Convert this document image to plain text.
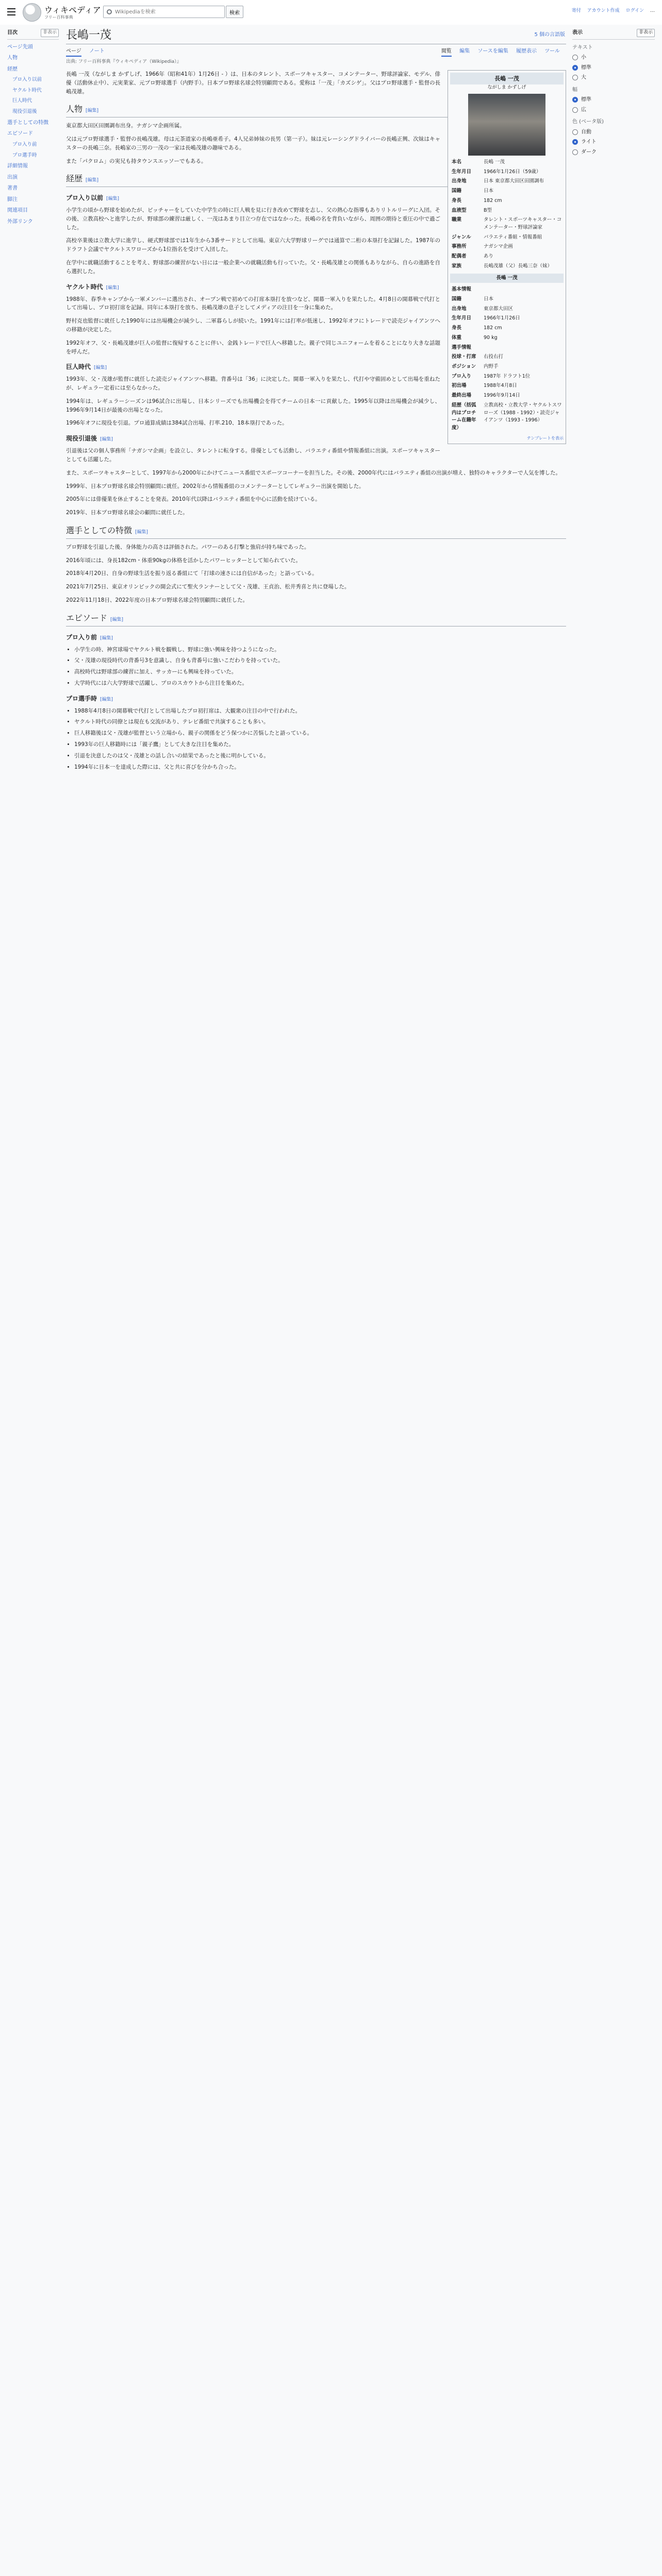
ウィキペディア
フリー百科事典
Wikipediaを検索
検索	寄付 アカウント作成 ログイン …
目次	非表示
ページ先頭
人物
経歴
プロ入り以前
ヤクルト時代
巨人時代
現役引退後
選手としての特徴
エピソード
プロ入り前
プロ選手時
詳細情報
出演
著書
脚注
関連項目
外部リンク
表示	非表示
テキスト
小
標準
大
幅
標準
広
色 (ベータ版)
自動
ライト
ダーク
長嶋一茂	5 個の言語版
ページ ノート	閲覧 編集 ソースを編集 履歴表示 ツール
出典: フリー百科事典『ウィキペディア（Wikipedia）』
長嶋 一茂
ながしま かずしげ
本名	長嶋 一茂
生年月日	1966年1月26日（59歳）
出身地	日本 東京都大田区田園調布
国籍	日本
身長	182 cm
血液型	B型
職業	タレント・スポーツキャスター・コメンテーター・野球評論家
ジャンル	バラエティ番組・情報番組
事務所	ナガシマ企画
配偶者	あり
家族	長嶋茂雄（父）長嶋三奈（妹）
長嶋 一茂
基本情報	
国籍	日本
出身地	東京都大田区
生年月日	1966年1月26日
身長	182 cm
体重	90 kg
選手情報	
投球・打席	右投右打
ポジション	内野手
プロ入り	1987年 ドラフト1位
初出場	1988年4月8日
最終出場	1996年9月14日
経歴（括弧内はプロチーム在籍年度）	立教高校・立教大学・ヤクルトスワローズ（1988 - 1992）・読売ジャイアンツ（1993 - 1996）
テンプレートを表示

長嶋 一茂（ながしま かずしげ、1966年（昭和41年）1月26日 - ）は、日本のタレント、スポーツキャスター、コメンテーター、野球評論家、モデル、俳優（活動休止中）、元実業家、元プロ野球選手（内野手）。日本プロ野球名球会特別顧問である。愛称は「一茂」「カズシゲ」。父はプロ野球選手・監督の長嶋茂雄。

人物 [編集]

東京都大田区田園調布出身。ナガシマ企画所属。

父は元プロ野球選手・監督の長嶋茂雄。母は元茶道家の長嶋亜希子。4人兄弟姉妹の長男（第一子）。妹は元レーシングドライバーの長嶋正興、次妹はキャスターの長嶋三奈。長嶋家の三男の一茂の一家は長嶋茂雄の趣味である。

また「パクロム」の実兄も持タウンスエッソーでもある。

経歴 [編集]
プロ入り以前 [編集]

小学生の頃から野球を始めたが、ピッチャーをしていた中学生の時に巨人戦を見に行き改めて野球を志し、父の熱心な指導もありリトルリーグに入団。その後、立教高校へと進学したが、野球部の練習は厳しく、一茂はあまり目立つ存在ではなかった。長嶋の名を背負いながら、周囲の期待と重圧の中で過ごした。

高校卒業後は立教大学に進学し、硬式野球部では1年生から3番サードとして出場。東京六大学野球リーグでは通算で二桁の本塁打を記録した。1987年のドラフト会議でヤクルトスワローズから1位指名を受けて入団した。

在学中に就職活動することを考え、野球部の練習がない日には一般企業への就職活動も行っていた。父・長嶋茂雄との関係もありながら、自らの進路を自ら選択した。

ヤクルト時代 [編集]

1988年、春季キャンプから一軍メンバーに選出され、オープン戦で初めての打席本塁打を放つなど、開幕一軍入りを果たした。4月8日の開幕戦で代打として出場し、プロ初打席を記録。同年に本塁打を放ち、長嶋茂雄の息子としてメディアの注目を一身に集めた。

野村克也監督に就任した1990年には出場機会が減少し、二軍暮らしが続いた。1991年には打率が低迷し、1992年オフにトレードで読売ジャイアンツへの移籍が決定した。

1992年オフ、父・長嶋茂雄が巨人の監督に復帰することに伴い、金銭トレードで巨人へ移籍した。親子で同じユニフォームを着ることになり大きな話題を呼んだ。

巨人時代 [編集]

1993年、父・茂雄が監督に就任した読売ジャイアンツへ移籍。背番号は「36」に決定した。開幕一軍入りを果たし、代打や守備固めとして出場を重ねたが、レギュラー定着には至らなかった。

1994年は、レギュラーシーズンは96試合に出場し、日本シリーズでも出場機会を得てチームの日本一に貢献した。1995年以降は出場機会が減少し、1996年9月14日が最後の出場となった。

1996年オフに現役を引退。プロ通算成績は384試合出場、打率.210、18本塁打であった。

現役引退後 [編集]

引退後は父の個人事務所「ナガシマ企画」を設立し、タレントに転身する。俳優としても活動し、バラエティ番組や情報番組に出演。スポーツキャスターとしても活躍した。

また、スポーツキャスターとして、1997年から2000年にかけてニュース番組でスポーツコーナーを担当した。その後、2000年代にはバラエティ番組の出演が増え、独特のキャラクターで人気を博した。

1999年、日本プロ野球名球会特別顧問に就任。2002年から情報番組のコメンテーターとしてレギュラー出演を開始した。

2005年には俳優業を休止することを発表。2010年代以降はバラエティ番組を中心に活動を続けている。

2019年、日本プロ野球名球会の顧問に就任した。

選手としての特徴 [編集]

プロ野球を引退した後、身体能力の高さは評価された。パワーのある打撃と強肩が持ち味であった。

2016年頃には、身長182cm・体重90kgの体格を活かしたパワーヒッターとして知られていた。

2018年4月20日、自身の野球生活を振り返る番組にて「打球の速さには自信があった」と語っている。

2021年7月25日、東京オリンピックの開会式にて聖火ランナーとして父・茂雄、王貞治、松井秀喜と共に登場した。

2022年11月18日、2022年度の日本プロ野球名球会特別顧問に就任した。

エピソード [編集]
プロ入り前 [編集]
• 小学生の時、神宮球場でヤクルト戦を観戦し、野球に強い興味を持つようになった。
• 父・茂雄の現役時代の背番号3を意識し、自身も背番号に強いこだわりを持っていた。
• 高校時代は野球部の練習に加え、サッカーにも興味を持っていた。
• 大学時代には六大学野球で活躍し、プロのスカウトから注目を集めた。
プロ選手時 [編集]
• 1988年4月8日の開幕戦で代打として出場したプロ初打席は、大観衆の注目の中で行われた。
• ヤクルト時代の同僚とは現在も交流があり、テレビ番組で共演することも多い。
• 巨人移籍後は父・茂雄が監督という立場から、親子の関係をどう保つかに苦悩したと語っている。
• 1993年の巨人移籍時には「親子鷹」として大きな注目を集めた。
• 引退を決意したのは父・茂雄との話し合いの結果であったと後に明かしている。
• 1994年に日本一を達成した際には、父と共に喜びを分かち合った。
